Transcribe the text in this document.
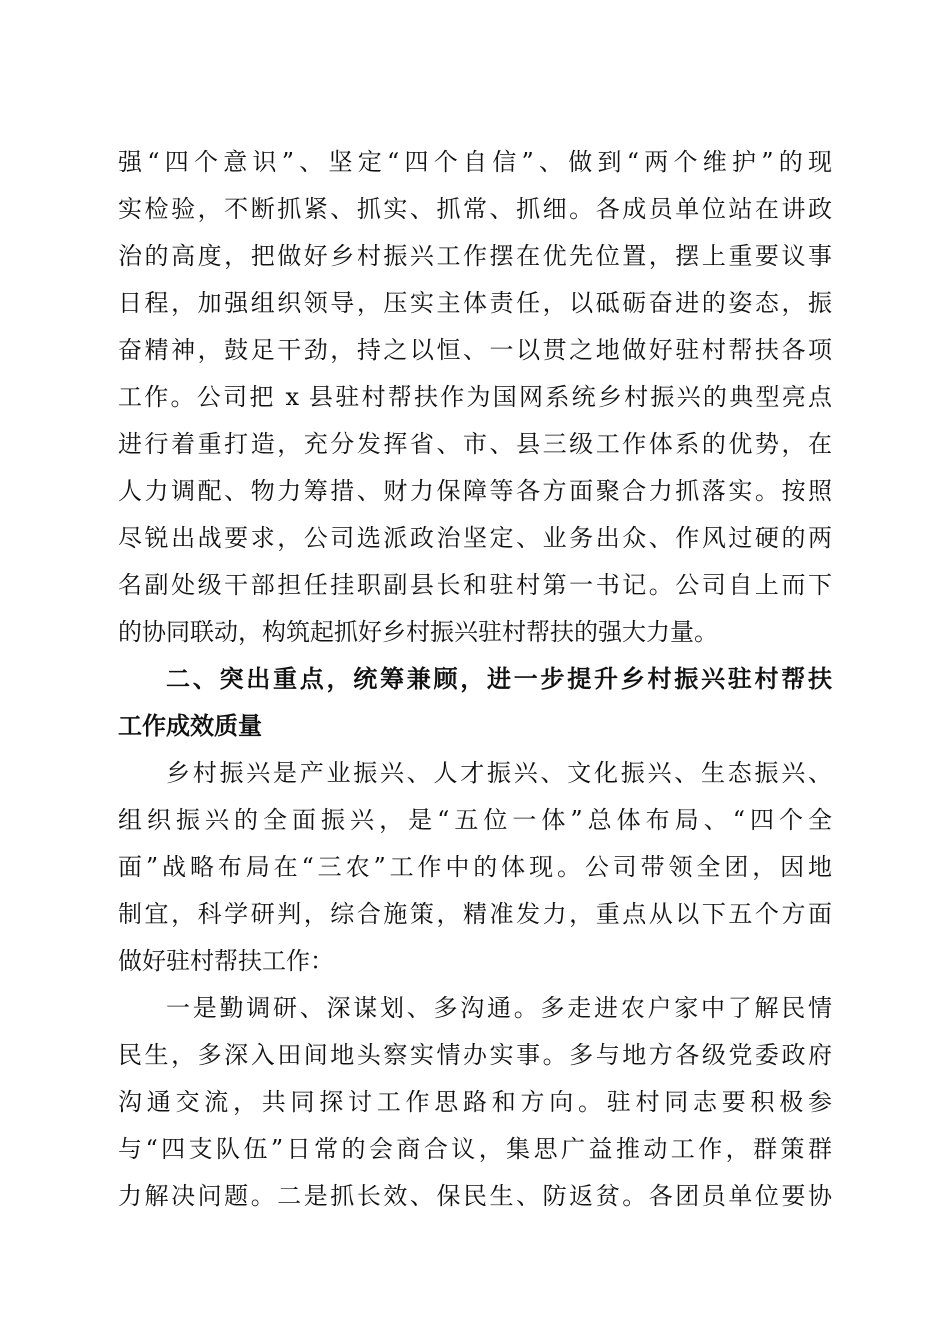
强“四个意识”、坚定“四个自信”、做到“两个维护”的现
实检验，不断抓紧、抓实、抓常、抓细。各成员单位站在讲政
治的高度，把做好乡村振兴工作摆在优先位置，摆上重要议事
日程，加强组织领导，压实主体责任，以砥砺奋进的姿态，振
奋精神，鼓足干劲，持之以恒、一以贯之地做好驻村帮扶各项
工作。公司把 x 县驻村帮扶作为国网系统乡村振兴的典型亮点
进行着重打造，充分发挥省、市、县三级工作体系的优势，在
人力调配、物力筹措、财力保障等各方面聚合力抓落实。按照
尽锐出战要求，公司选派政治坚定、业务出众、作风过硬的两
名副处级干部担任挂职副县长和驻村第一书记。公司自上而下
的协同联动，构筑起抓好乡村振兴驻村帮扶的强大力量。
二、突出重点，统筹兼顾，进一步提升乡村振兴驻村帮扶
工作成效质量
乡村振兴是产业振兴、人才振兴、文化振兴、生态振兴、
组织振兴的全面振兴，是“五位一体”总体布局、“四个全
面”战略布局在“三农”工作中的体现。公司带领全团，因地
制宜，科学研判，综合施策，精准发力，重点从以下五个方面
做好驻村帮扶工作：
一是勤调研、深谋划、多沟通。多走进农户家中了解民情
民生，多深入田间地头察实情办实事。多与地方各级党委政府
沟通交流，共同探讨工作思路和方向。驻村同志要积极参
与“四支队伍”日常的会商合议，集思广益推动工作，群策群
力解决问题。二是抓长效、保民生、防返贫。各团员单位要协
